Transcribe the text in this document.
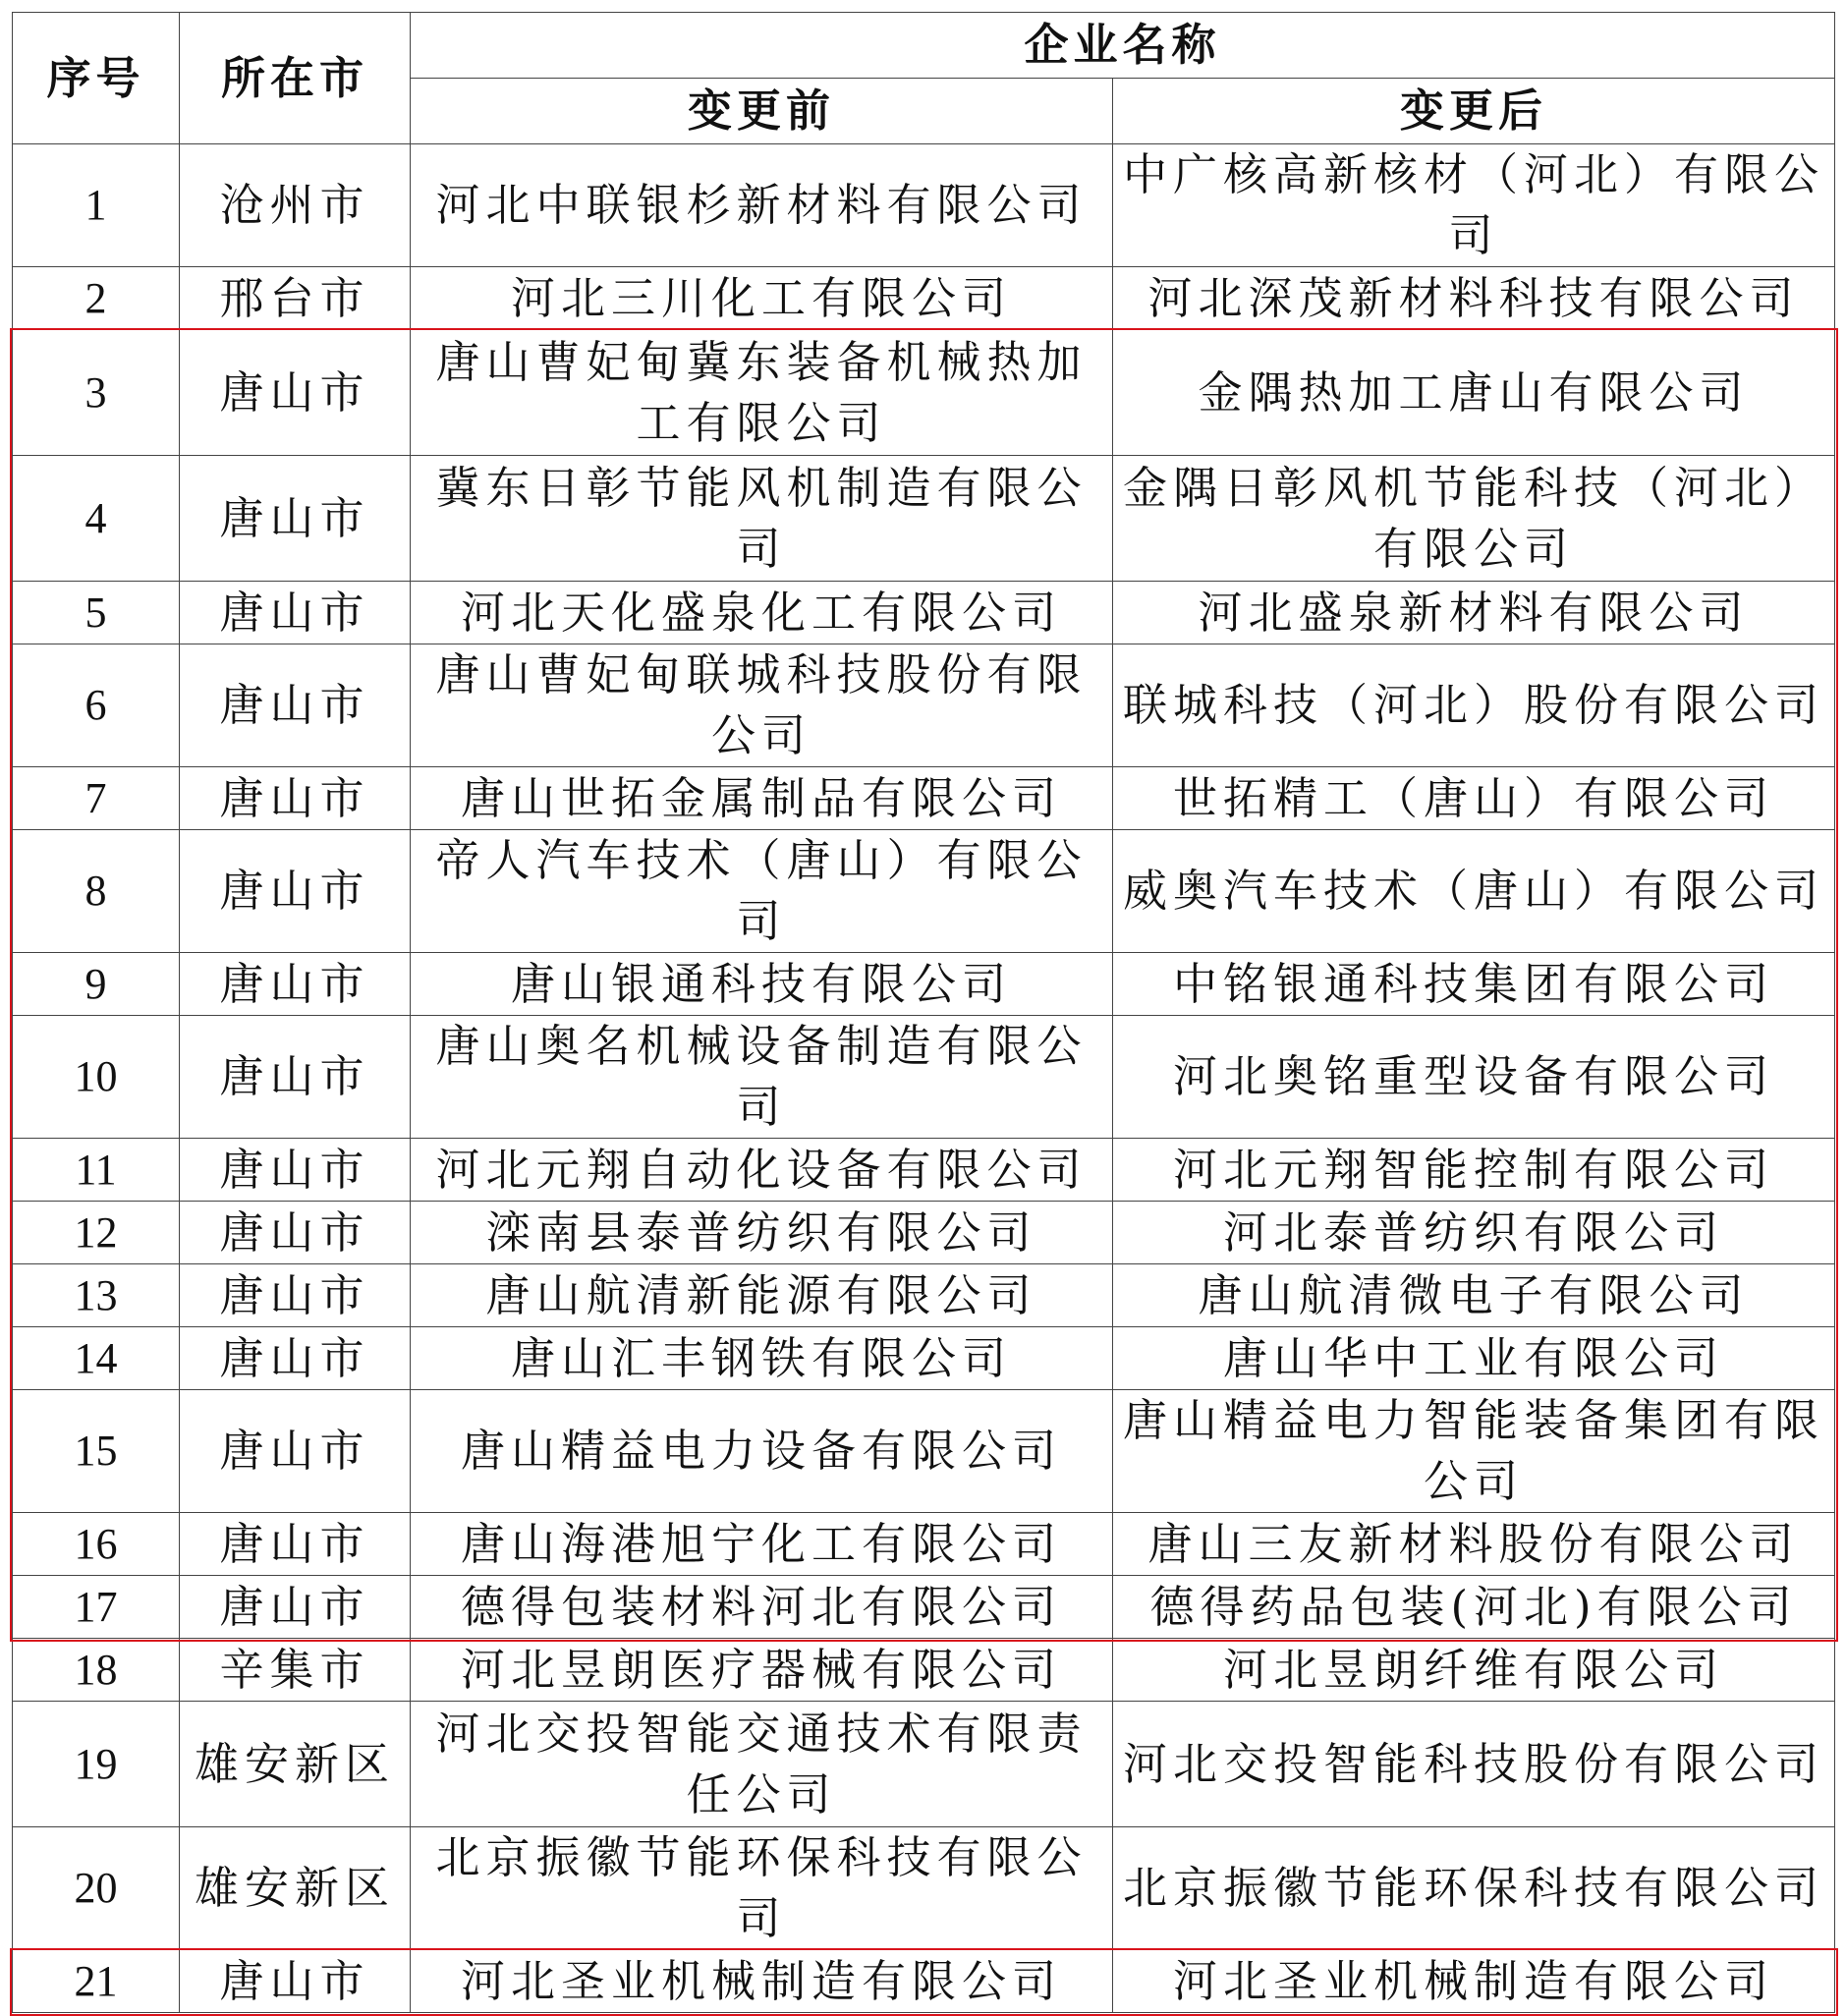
序号	所在市	企业名称	
		变更前	变更后
1	沧州市	河北中联银杉新材料有限公司	中广核高新核材（河北）有限公司
2	邢台市	河北三川化工有限公司	河北深茂新材料科技有限公司
3	唐山市	唐山曹妃甸冀东装备机械热加工有限公司	金隅热加工唐山有限公司
4	唐山市	冀东日彰节能风机制造有限公司	金隅日彰风机节能科技（河北）有限公司
5	唐山市	河北天化盛泉化工有限公司	河北盛泉新材料有限公司
6	唐山市	唐山曹妃甸联城科技股份有限公司	联城科技（河北）股份有限公司
7	唐山市	唐山世拓金属制品有限公司	世拓精工（唐山）有限公司
8	唐山市	帝人汽车技术（唐山）有限公司	威奥汽车技术（唐山）有限公司
9	唐山市	唐山银通科技有限公司	中铭银通科技集团有限公司
10	唐山市	唐山奥名机械设备制造有限公司	河北奥铭重型设备有限公司
11	唐山市	河北元翔自动化设备有限公司	河北元翔智能控制有限公司
12	唐山市	滦南县泰普纺织有限公司	河北泰普纺织有限公司
13	唐山市	唐山航清新能源有限公司	唐山航清微电子有限公司
14	唐山市	唐山汇丰钢铁有限公司	唐山华中工业有限公司
15	唐山市	唐山精益电力设备有限公司	唐山精益电力智能装备集团有限公司
16	唐山市	唐山海港旭宁化工有限公司	唐山三友新材料股份有限公司
17	唐山市	德得包装材料河北有限公司	德得药品包装(河北)有限公司
18	辛集市	河北昱朗医疗器械有限公司	河北昱朗纤维有限公司
19	雄安新区	河北交投智能交通技术有限责任公司	河北交投智能科技股份有限公司
20	雄安新区	北京振徽节能环保科技有限公司	北京振徽节能环保科技有限公司
21	唐山市	河北圣业机械制造有限公司	河北圣业机械制造有限公司
